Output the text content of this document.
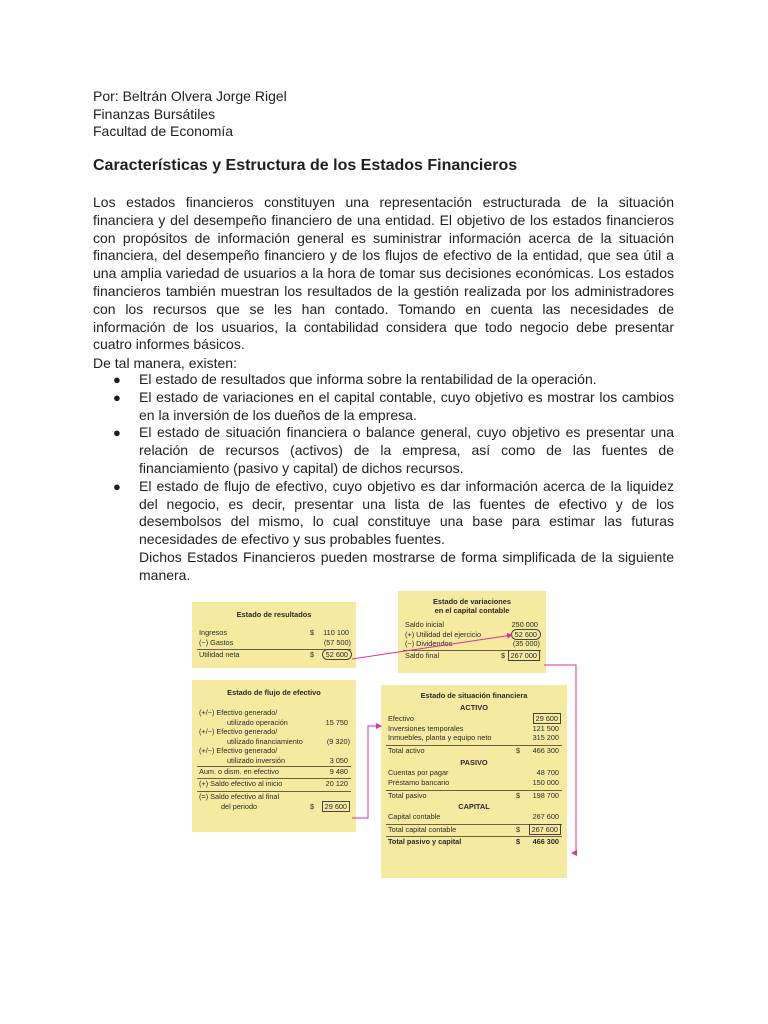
Por: Beltrán Olvera Jorge Rigel
Finanzas Bursátiles
Facultad de Economía
Características y Estructura de los Estados Financieros

Los estados financieros constituyen una representación estructurada de la situación financiera y del desempeño financiero de una entidad. El objetivo de los estados financieros con propósitos de información general es suministrar información acerca de la situación financiera, del desempeño financiero y de los flujos de efectivo de la entidad, que sea útil a una amplia variedad de usuarios a la hora de tomar sus decisiones económicas. Los estados financieros también muestran los resultados de la gestión realizada por los administradores con los recursos que se les han contado. Tomando en cuenta las necesidades de información de los usuarios, la contabilidad considera que todo negocio debe presentar cuatro informes básicos.

De tal manera, existen:
● El estado de resultados que informa sobre la rentabilidad de la operación.
● El estado de variaciones en el capital contable, cuyo objetivo es mostrar los cambios en la inversión de los dueños de la empresa.
● El estado de situación financiera o balance general, cuyo objetivo es presentar una relación de recursos (activos) de la empresa, así como de las fuentes de financiamiento (pasivo y capital) de dichos recursos.
● El estado de flujo de efectivo, cuyo objetivo es dar información acerca de la liquidez del negocio, es decir, presentar una lista de las fuentes de efectivo y de los desembolsos del mismo, lo cual constituye una base para estimar las futuras necesidades de efectivo y sus probables fuentes.

Dichos Estados Financieros pueden mostrarse de forma simplificada de la siguiente manera.

Estado de resultados
Ingresos	$ 110 100
(−) Gastos	(57 500)
Utilidad neta	$	52 600
Estado de variaciones
en el capital contable
Saldo inicial	250 000
(+) Utilidad del ejercicio	52 600
(−) Dividendos	(35 000)
Saldo final	$ 267 000
Estado de flujo de efectivo
(+/−) Efectivo generado/
utilizado operación	15 750
(+/−) Efectivo generado/
utilizado financiamiento	(9 320)
(+/−) Efectivo generado/
utilizado inversión	3 050
Aum. o dism. en efectivo	9 480
(+) Saldo efectivo al inicio	20 120
(=) Saldo efectivo al final
del periodo	$	29 600
Estado de situación financiera
ACTIVO
Efectivo	29 600
Inversiones temporales	121 500
Inmuebles, planta y equipo neto	315 200
Total activo	$ 466 300
PASIVO
Cuentas por pagar	48 700
Préstamo bancario	150 000
Total pasivo	$ 198 700
CAPITAL
Capital contable	267 600
Total capital contable	$	267 600
Total pasivo y capital	$ 466 300
